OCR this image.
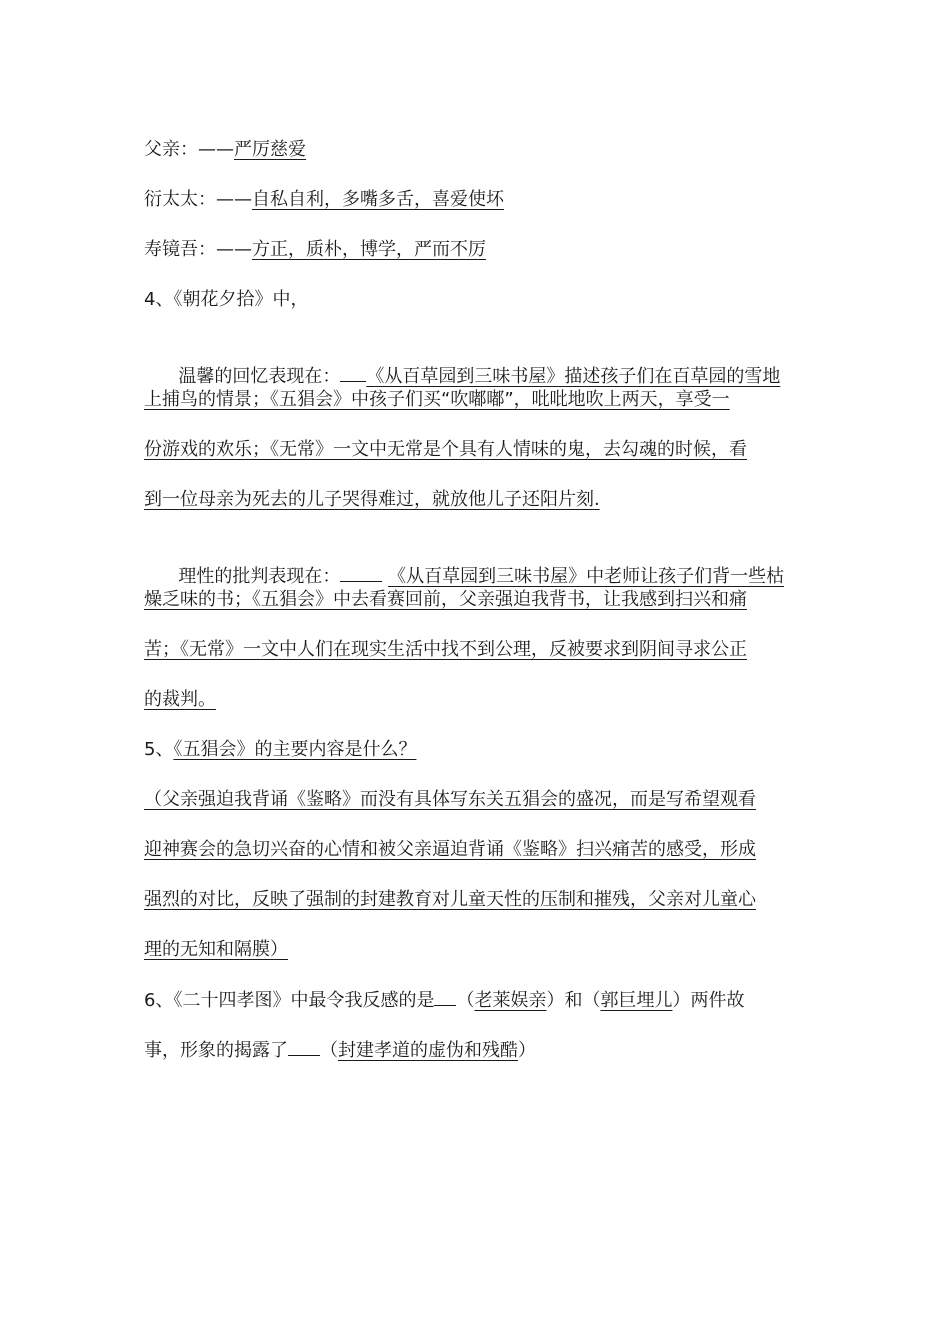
父亲：——严厉慈爱
衍太太：——自私自利，多嘴多舌，喜爱使坏
寿镜吾：——方正，质朴，博学，严而不厉
4、《朝花夕拾》中，

温馨的回忆表现在： 《从百草园到三味书屋》描述孩子们在百草园的雪地

上捕鸟的情景；《五猖会》中孩子们买“吹嘟嘟”，吡吡地吹上两天，享受一
份游戏的欢乐；《无常》一文中无常是个具有人情味的鬼，去勾魂的时候，看
到一位母亲为死去的儿子哭得难过，就放他儿子还阳片刻.

理性的批判表现在：	《从百草园到三味书屋》中老师让孩子们背一些枯

燥乏味的书；《五猖会》中去看赛回前，父亲强迫我背书，让我感到扫兴和痛
苦；《无常》一文中人们在现实生活中找不到公理，反被要求到阴间寻求公正
的裁判。
5、《五猖会》的主要内容是什么？
（父亲强迫我背诵《鉴略》而没有具体写东关五猖会的盛况，而是写希望观看
迎神赛会的急切兴奋的心情和被父亲逼迫背诵《鉴略》扫兴痛苦的感受，形成
强烈的对比，反映了强制的封建教育对儿童天性的压制和摧残，父亲对儿童心
理的无知和隔膜）
6、《二十四孝图》中最令我反感的是 （老莱娱亲）和（郭巨埋儿）两件故
事，形象的揭露了 （封建孝道的虚伪和残酷）
